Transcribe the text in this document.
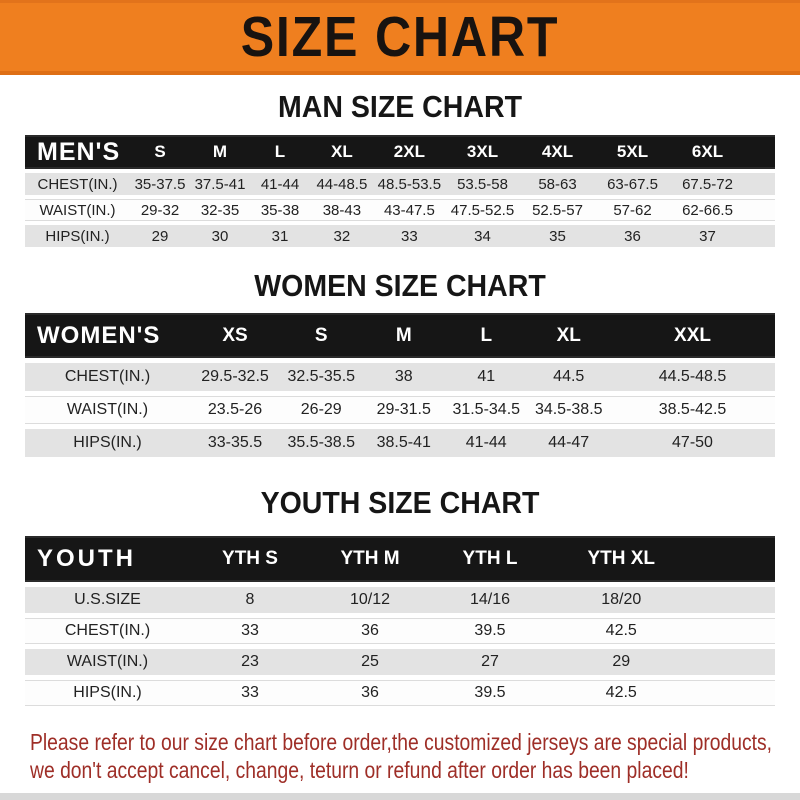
SIZE CHART
MAN SIZE CHART
MEN'S	S	M	L	XL	2XL	3XL	4XL	5XL	6XL	
CHEST(IN.)	35-37.5	37.5-41	41-44	44-48.5	48.5-53.5	53.5-58	58-63	63-67.5	67.5-72	
WAIST(IN.)	29-32	32-35	35-38	38-43	43-47.5	47.5-52.5	52.5-57	57-62	62-66.5	
HIPS(IN.)	29	30	31	32	33	34	35	36	37	
WOMEN SIZE CHART
WOMEN'S	XS	S	M	L	XL	XXL
CHEST(IN.)	29.5-32.5	32.5-35.5	38	41	44.5	44.5-48.5
WAIST(IN.)	23.5-26	26-29	29-31.5	31.5-34.5	34.5-38.5	38.5-42.5
HIPS(IN.)	33-35.5	35.5-38.5	38.5-41	41-44	44-47	47-50
YOUTH SIZE CHART
YOUTH	YTH S	YTH M	YTH L	YTH XL	
U.S.SIZE	8	10/12	14/16	18/20	
CHEST(IN.)	33	36	39.5	42.5	
WAIST(IN.)	23	25	27	29	
HIPS(IN.)	33	36	39.5	42.5	
Please refer to our size chart before order,the customized jerseys are special products,
we don't accept cancel, change, teturn or refund after order has been placed!
